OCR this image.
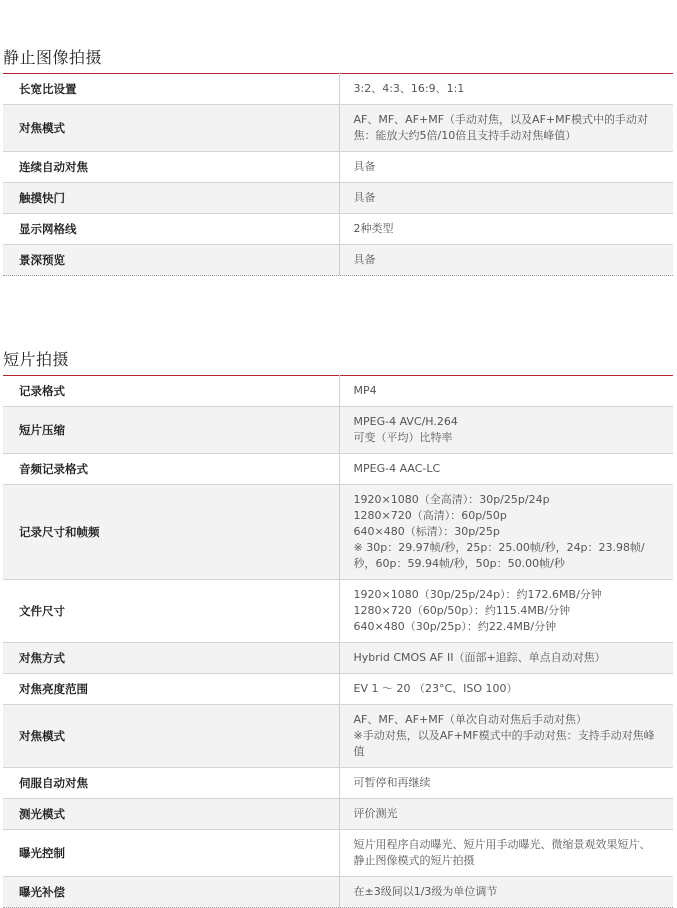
静止图像拍摄
长宽比设置	3:2、4:3、16:9、1:1

对焦模式	AF、MF、AF+MF（手动对焦，以及AF+MF模式中的手动对焦：能放大约5倍/10倍且支持手动对焦峰值）

连续自动对焦	具备

触摸快门	具备

显示网格线	2种类型

景深预览	具备
短片拍摄
记录格式	MP4

短片压缩	MPEG-4 AVC/H.264
可变（平均）比特率

音频记录格式	MPEG-4 AAC-LC

记录尺寸和帧频	1920×1080（全高清）：30p/25p/24p
1280×720（高清）：60p/50p
640×480（标清）：30p/25p
※ 30p：29.97帧/秒，25p：25.00帧/秒，24p：23.98帧/秒，60p：59.94帧/秒，50p：50.00帧/秒

文件尺寸	1920×1080（30p/25p/24p）：约172.6MB/分钟
1280×720（60p/50p）：约115.4MB/分钟
640×480（30p/25p）：约22.4MB/分钟

对焦方式	Hybrid CMOS AF II（面部+追踪、单点自动对焦）

对焦亮度范围	EV 1 ～ 20 （23°C、ISO 100）

对焦模式	AF、MF、AF+MF（单次自动对焦后手动对焦）
※手动对焦，以及AF+MF模式中的手动对焦：支持手动对焦峰值

伺服自动对焦	可暂停和再继续

测光模式	评价测光

曝光控制	短片用程序自动曝光、短片用手动曝光、微缩景观效果短片、静止图像模式的短片拍摄

曝光补偿	在±3级间以1/3级为单位调节
